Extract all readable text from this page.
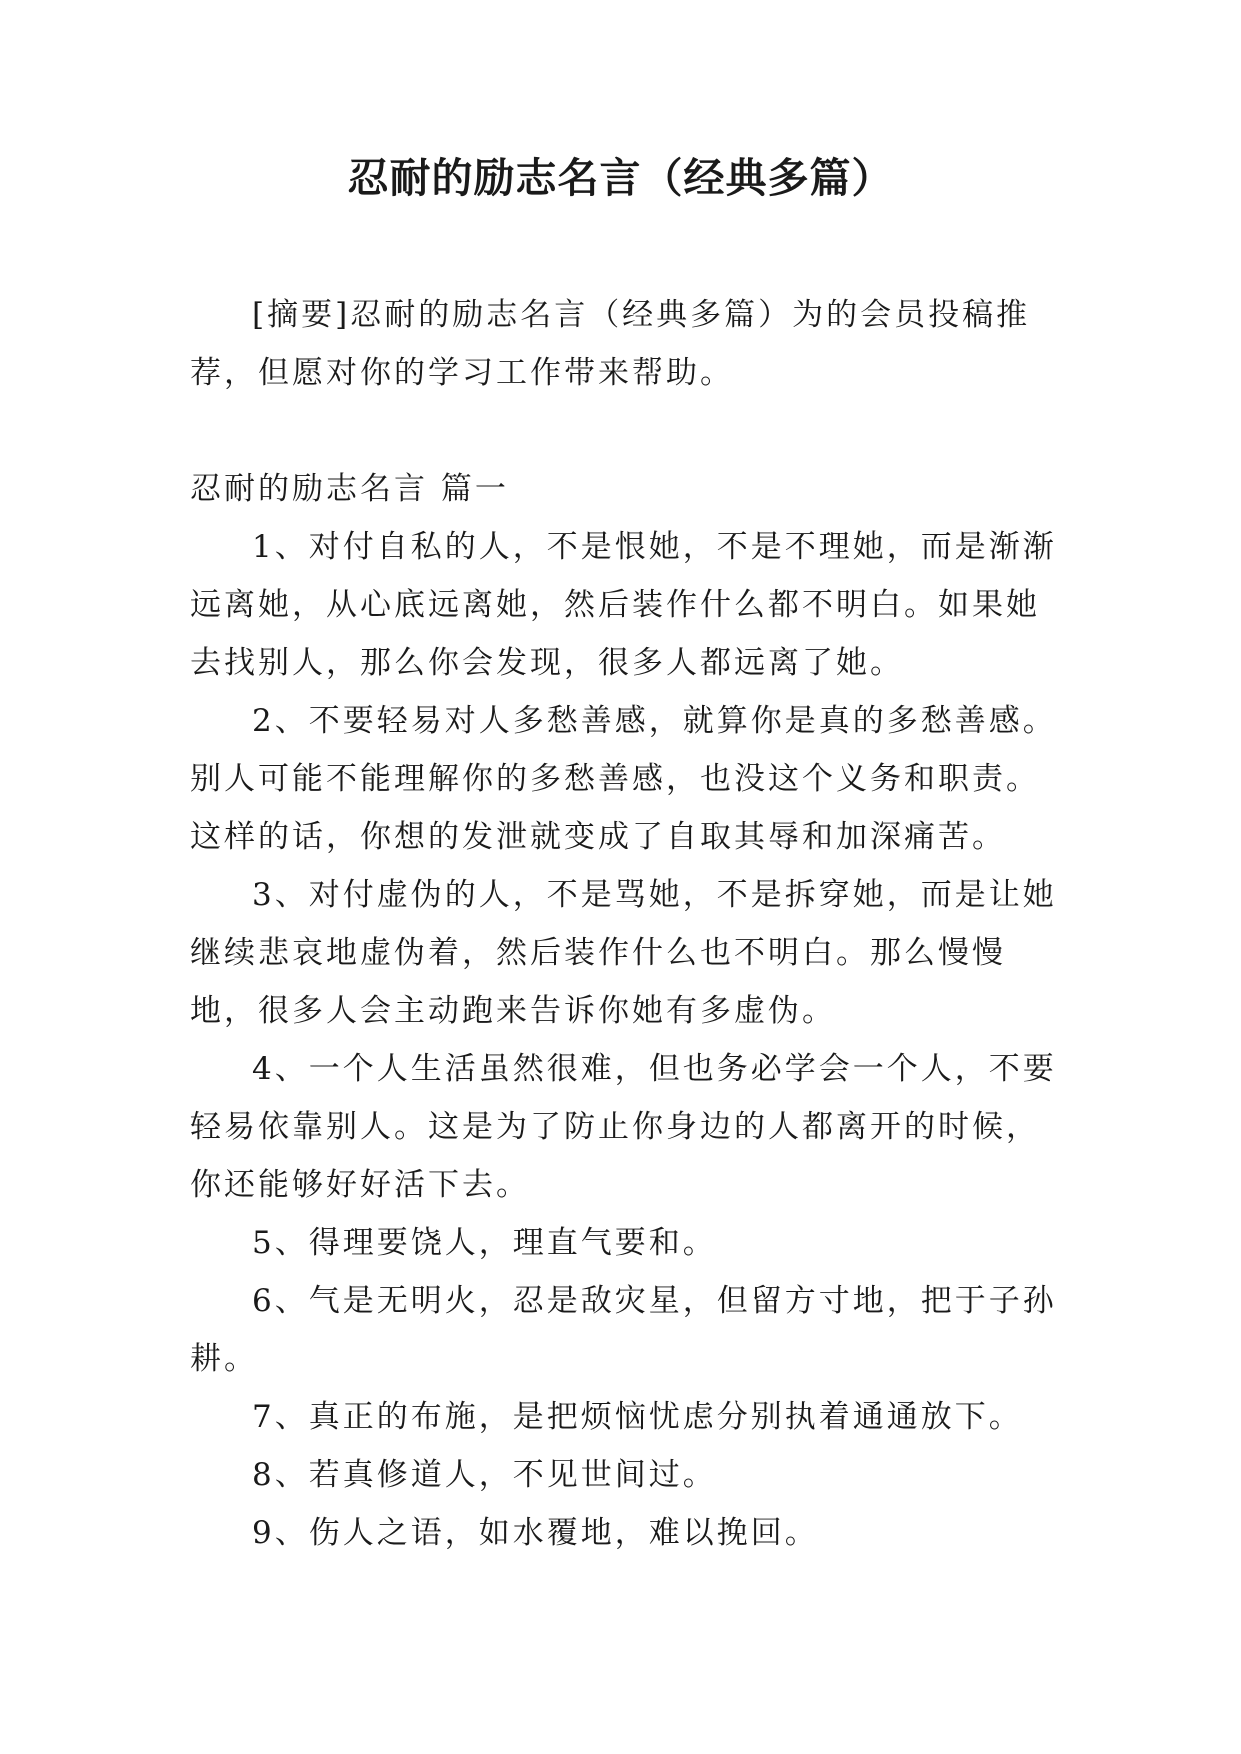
忍耐的励志名言（经典多篇）

[摘要]忍耐的励志名言（经典多篇）为的会员投稿推荐，但愿对你的学习工作带来帮助。

忍耐的励志名言 篇一

1、对付自私的人，不是恨她，不是不理她，而是渐渐远离她，从心底远离她，然后装作什么都不明白。如果她去找别人，那么你会发现，很多人都远离了她。

2、不要轻易对人多愁善感，就算你是真的多愁善感。别人可能不能理解你的多愁善感，也没这个义务和职责。这样的话，你想的发泄就变成了自取其辱和加深痛苦。

3、对付虚伪的人，不是骂她，不是拆穿她，而是让她继续悲哀地虚伪着，然后装作什么也不明白。那么慢慢地，很多人会主动跑来告诉你她有多虚伪。

4、一个人生活虽然很难，但也务必学会一个人，不要轻易依靠别人。这是为了防止你身边的人都离开的时候，你还能够好好活下去。

5、得理要饶人，理直气要和。

6、气是无明火，忍是敌灾星，但留方寸地，把于子孙耕。

7、真正的布施，是把烦恼忧虑分别执着通通放下。

8、若真修道人，不见世间过。

9、伤人之语，如水覆地，难以挽回。
